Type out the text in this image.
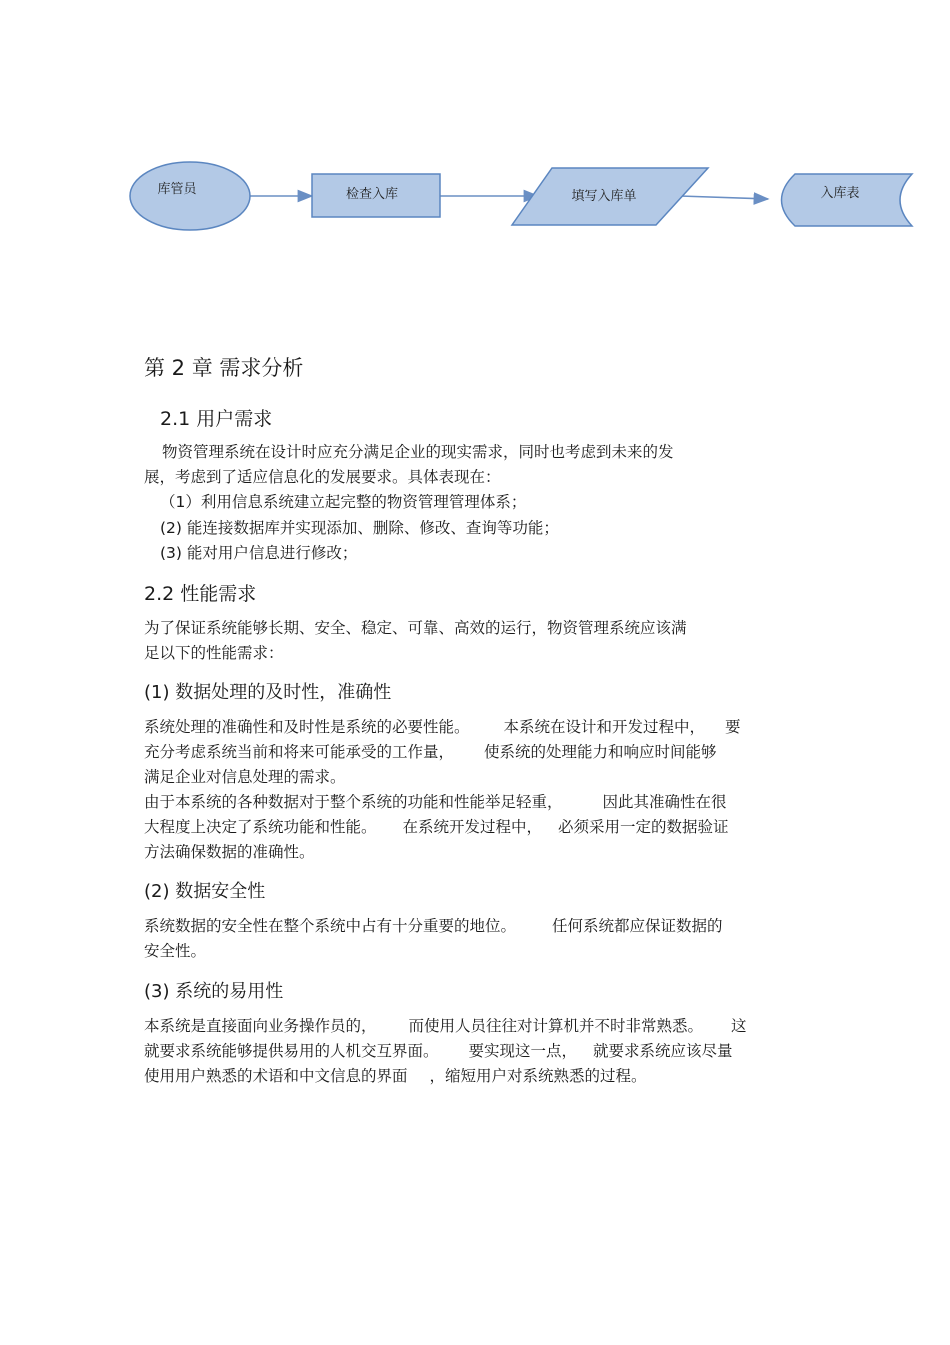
库管员	检查入库	填写入库单	入库表
第 2 章 需求分析
2.1 用户需求
物资管理系统在设计时应充分满足企业的现实需求，同时也考虑到未来的发
展，考虑到了适应信息化的发展要求。具体表现在：
（1）利用信息系统建立起完整的物资管理管理体系；
(2) 能连接数据库并实现添加、删除、修改、查询等功能；
(3) 能对用户信息进行修改；
2.2 性能需求
为了保证系统能够长期、安全、稳定、可靠、高效的运行，物资管理系统应该满
足以下的性能需求：
(1) 数据处理的及时性，准确性
系统处理的准确性和及时性是系统的必要性能。 本系统在设计和开发过程中， 要
充分考虑系统当前和将来可能承受的工作量， 使系统的处理能力和响应时间能够
满足企业对信息处理的需求。
由于本系统的各种数据对于整个系统的功能和性能举足轻重，	因此其准确性在很
大程度上决定了系统功能和性能。 在系统开发过程中， 必须采用一定的数据验证
方法确保数据的准确性。
(2) 数据安全性
系统数据的安全性在整个系统中占有十分重要的地位。 任何系统都应保证数据的
安全性。
(3) 系统的易用性
本系统是直接面向业务操作员的， 而使用人员往往对计算机并不时非常熟悉。 这
就要求系统能够提供易用的人机交互界面。 要实现这一点， 就要求系统应该尽量
使用用户熟悉的术语和中文信息的界面 ，缩短用户对系统熟悉的过程。
